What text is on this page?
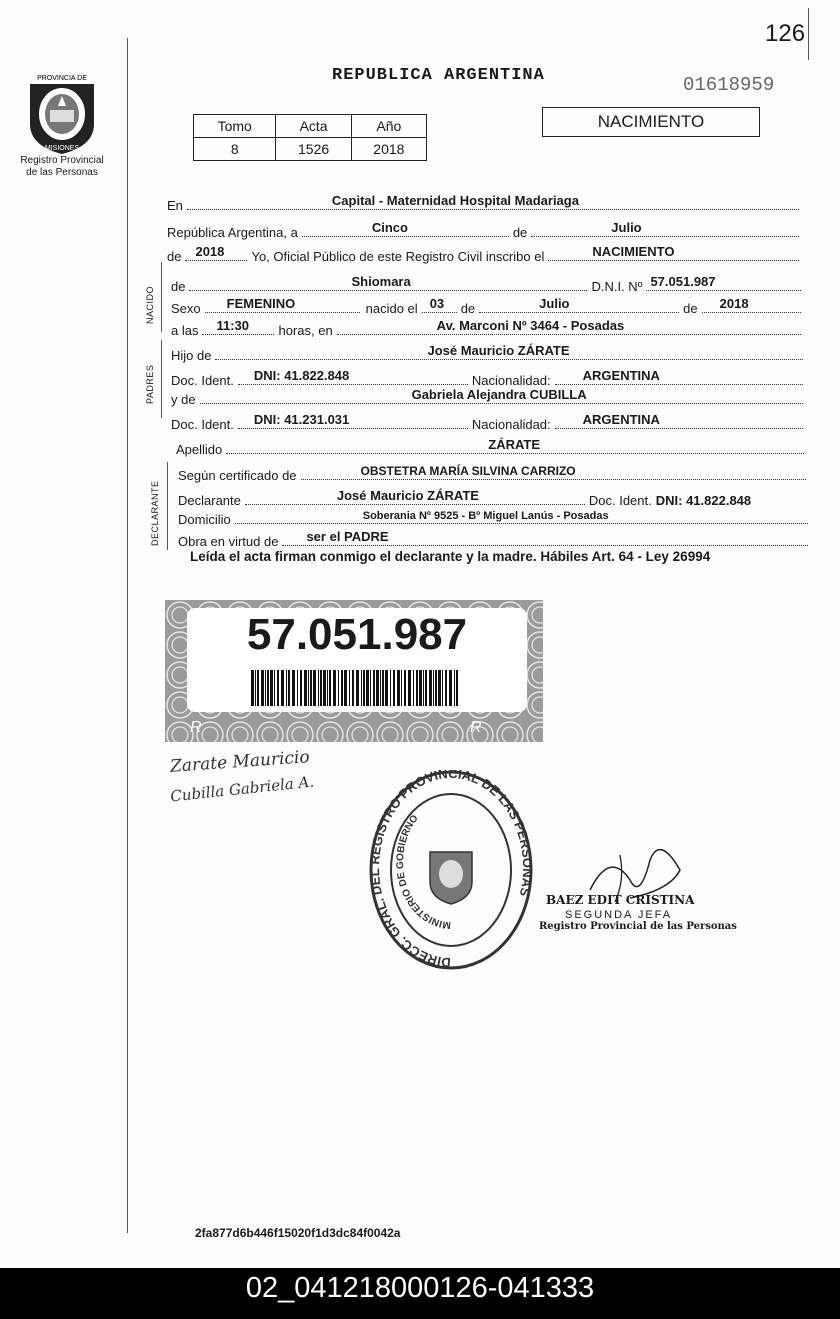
126
PROVINCIA DE
MISIONES
Registro Provincial
de las Personas
REPUBLICA ARGENTINA	01618959
Tomo	Acta	Año
8	1526	2018
NACIMIENTO
En	Capital - Maternidad Hospital Madariaga
República Argentina, a	Cinco	de	Julio
de	2018	Yo, Oficial Público de este Registro Civil inscribo el	NACIMIENTO
NACIDO de	Shiomara	D.N.I. Nº 57.051.987
Sexo	FEMENINO	nacido el 03	de	Julio	de	2018
a las	11:30	horas, en	Av. Marconi Nº 3464 - Posadas
PADRES
Hijo de	José Mauricio ZÁRATE
Doc. Ident.	DNI: 41.822.848	Nacionalidad:	ARGENTINA
y de	Gabriela Alejandra CUBILLA
Doc. Ident.	DNI: 41.231.031	Nacionalidad:	ARGENTINA
Apellido	ZÁRATE
DECLARANTE
Según certificado de	OBSTETRA MARÍA SILVINA CARRIZO
Declarante	José Mauricio ZÁRATE	Doc. Ident. DNI: 41.822.848
Domicilio	Soberania Nº 9525 - Bº Miguel Lanús - Posadas
Obra en virtud de	ser el PADRE
Leída el acta firman conmigo el declarante y la madre. Hábiles Art. 64 - Ley 26994
R	R
57.051.987
Zarate Mauricio
Cubilla Gabriela A.
DIRECC. GRAL. DEL REGISTRO PROVINCIAL DE LAS PERSONAS
MINISTERIO DE GOBIERNO
BAEZ EDIT CRISTINA
SEGUNDA JEFA
Registro Provincial de las Personas
2fa877d6b446f15020f1d3dc84f0042a
02_041218000126-041333
